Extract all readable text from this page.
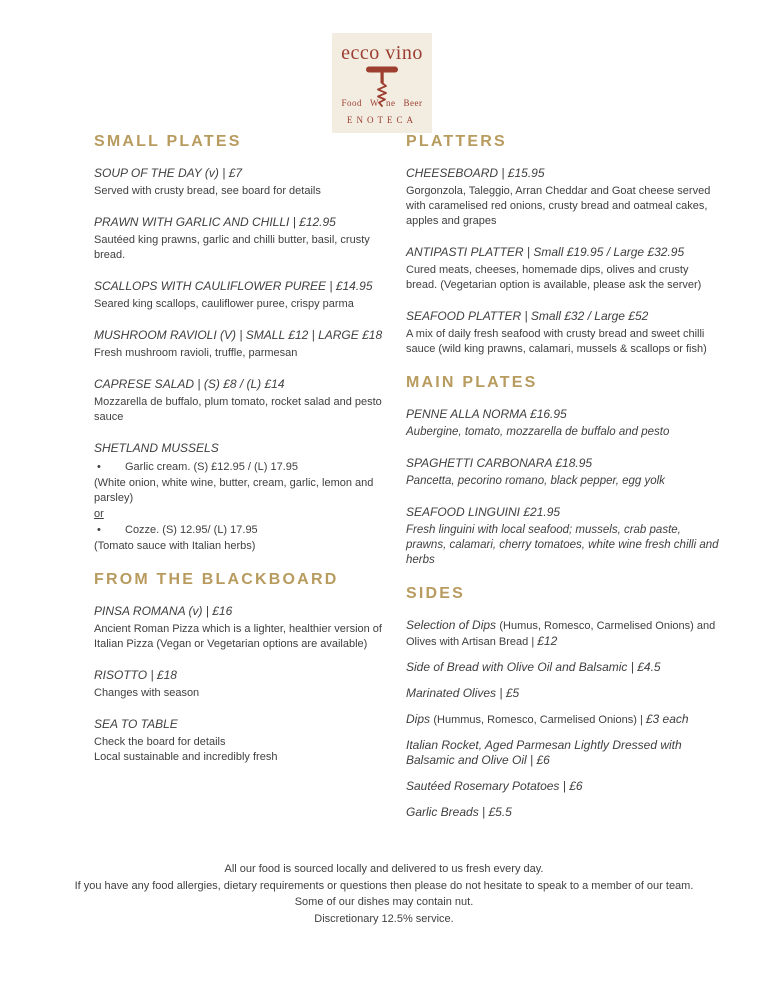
ecco vino
Food W ne Beer
ENOTECA
SMALL PLATES
SOUP OF THE DAY (v) | £7
Served with crusty bread, see board for details
PRAWN WITH GARLIC AND CHILLI | £12.95
Sautéed king prawns, garlic and chilli butter, basil, crusty bread.
SCALLOPS WITH CAULIFLOWER PUREE | £14.95
Seared king scallops, cauliflower puree, crispy parma
MUSHROOM RAVIOLI (V) | SMALL £12 | LARGE £18
Fresh mushroom ravioli, truffle, parmesan
CAPRESE SALAD | (S) £8 / (L) £14
Mozzarella de buffalo, plum tomato, rocket salad and pesto sauce
SHETLAND MUSSELS
•	Garlic cream. (S) £12.95 / (L) 17.95
(White onion, white wine, butter, cream, garlic, lemon and parsley)
or
•	Cozze. (S) 12.95/ (L) 17.95
(Tomato sauce with Italian herbs)
FROM THE BLACKBOARD
PINSA ROMANA (v) | £16
Ancient Roman Pizza which is a lighter, healthier version of Italian Pizza (Vegan or Vegetarian options are available)
RISOTTO | £18
Changes with season
SEA TO TABLE
Check the board for details
Local sustainable and incredibly fresh
PLATTERS
CHEESEBOARD | £15.95
Gorgonzola, Taleggio, Arran Cheddar and Goat cheese served with caramelised red onions, crusty bread and oatmeal cakes, apples and grapes
ANTIPASTI PLATTER | Small £19.95 / Large £32.95
Cured meats, cheeses, homemade dips, olives and crusty bread. (Vegetarian option is available, please ask the server)
SEAFOOD PLATTER | Small £32 / Large £52
A mix of daily fresh seafood with crusty bread and sweet chilli sauce (wild king prawns, calamari, mussels & scallops or fish)
MAIN PLATES
PENNE ALLA NORMA £16.95
Aubergine, tomato, mozzarella de buffalo and pesto
SPAGHETTI CARBONARA £18.95
Pancetta, pecorino romano, black pepper, egg yolk
SEAFOOD LINGUINI £21.95
Fresh linguini with local seafood; mussels, crab paste, prawns, calamari, cherry tomatoes, white wine fresh chilli and herbs
SIDES
Selection of Dips (Humus, Romesco, Carmelised Onions) and Olives with Artisan Bread | £12
Side of Bread with Olive Oil and Balsamic | £4.5
Marinated Olives | £5
Dips (Hummus, Romesco, Carmelised Onions) | £3 each
Italian Rocket, Aged Parmesan Lightly Dressed with Balsamic and Olive Oil | £6
Sautéed Rosemary Potatoes | £6
Garlic Breads | £5.5
All our food is sourced locally and delivered to us fresh every day.
If you have any food allergies, dietary requirements or questions then please do not hesitate to speak to a member of our team.
Some of our dishes may contain nut.
Discretionary 12.5% service.
